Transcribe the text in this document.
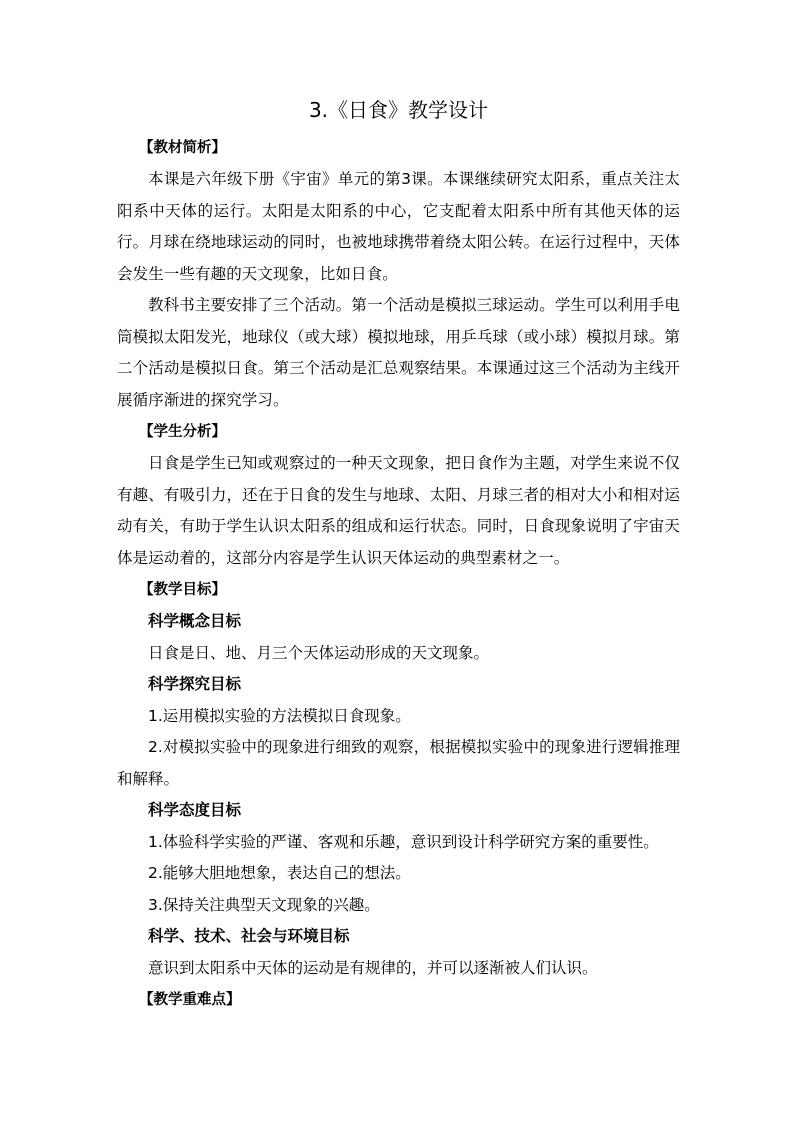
3.《日食》教学设计
【教材简析】

本课是六年级下册《宇宙》单元的第3课。本课继续研究太阳系，重点关注太阳系中天体的运行。太阳是太阳系的中心，它支配着太阳系中所有其他天体的运行。月球在绕地球运动的同时，也被地球携带着绕太阳公转。在运行过程中，天体会发生一些有趣的天文现象，比如日食。

教科书主要安排了三个活动。第一个活动是模拟三球运动。学生可以利用手电筒模拟太阳发光，地球仪（或大球）模拟地球，用乒乓球（或小球）模拟月球。第二个活动是模拟日食。第三个活动是汇总观察结果。本课通过这三个活动为主线开展循序渐进的探究学习。

【学生分析】

日食是学生已知或观察过的一种天文现象，把日食作为主题，对学生来说不仅有趣、有吸引力，还在于日食的发生与地球、太阳、月球三者的相对大小和相对运动有关，有助于学生认识太阳系的组成和运行状态。同时，日食现象说明了宇宙天体是运动着的，这部分内容是学生认识天体运动的典型素材之一。

【教学目标】
科学概念目标
日食是日、地、月三个天体运动形成的天文现象。
科学探究目标

1.运用模拟实验的方法模拟日食现象。

2.对模拟实验中的现象进行细致的观察，根据模拟实验中的现象进行逻辑推理和解释。

科学态度目标

1.体验科学实验的严谨、客观和乐趣，意识到设计科学研究方案的重要性。

2.能够大胆地想象，表达自己的想法。

3.保持关注典型天文现象的兴趣。

科学、技术、社会与环境目标
意识到太阳系中天体的运动是有规律的，并可以逐渐被人们认识。
【教学重难点】
